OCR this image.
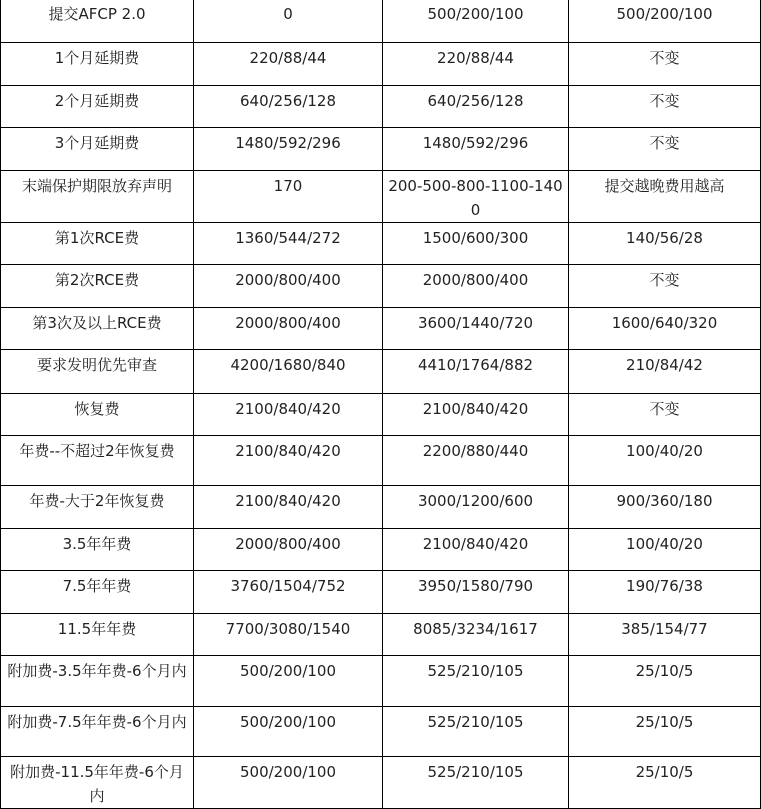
提交AFCP 2.0	0	500/200/100	500/200/100
1个月延期费	220/88/44	220/88/44	不变
2个月延期费	640/256/128	640/256/128	不变
3个月延期费	1480/592/296	1480/592/296	不变
末端保护期限放弃声明	170	200-500-800-1100-1400	提交越晚费用越高
第1次RCE费	1360/544/272	1500/600/300	140/56/28
第2次RCE费	2000/800/400	2000/800/400	不变
第3次及以上RCE费	2000/800/400	3600/1440/720	1600/640/320
要求发明优先审查	4200/1680/840	4410/1764/882	210/84/42
恢复费	2100/840/420	2100/840/420	不变
年费--不超过2年恢复费	2100/840/420	2200/880/440	100/40/20
年费-大于2年恢复费	2100/840/420	3000/1200/600	900/360/180
3.5年年费	2000/800/400	2100/840/420	100/40/20
7.5年年费	3760/1504/752	3950/1580/790	190/76/38
11.5年年费	7700/3080/1540	8085/3234/1617	385/154/77
附加费-3.5年年费-6个月内	500/200/100	525/210/105	25/10/5
附加费-7.5年年费-6个月内	500/200/100	525/210/105	25/10/5
附加费-11.5年年费-6个月内	500/200/100	525/210/105	25/10/5
